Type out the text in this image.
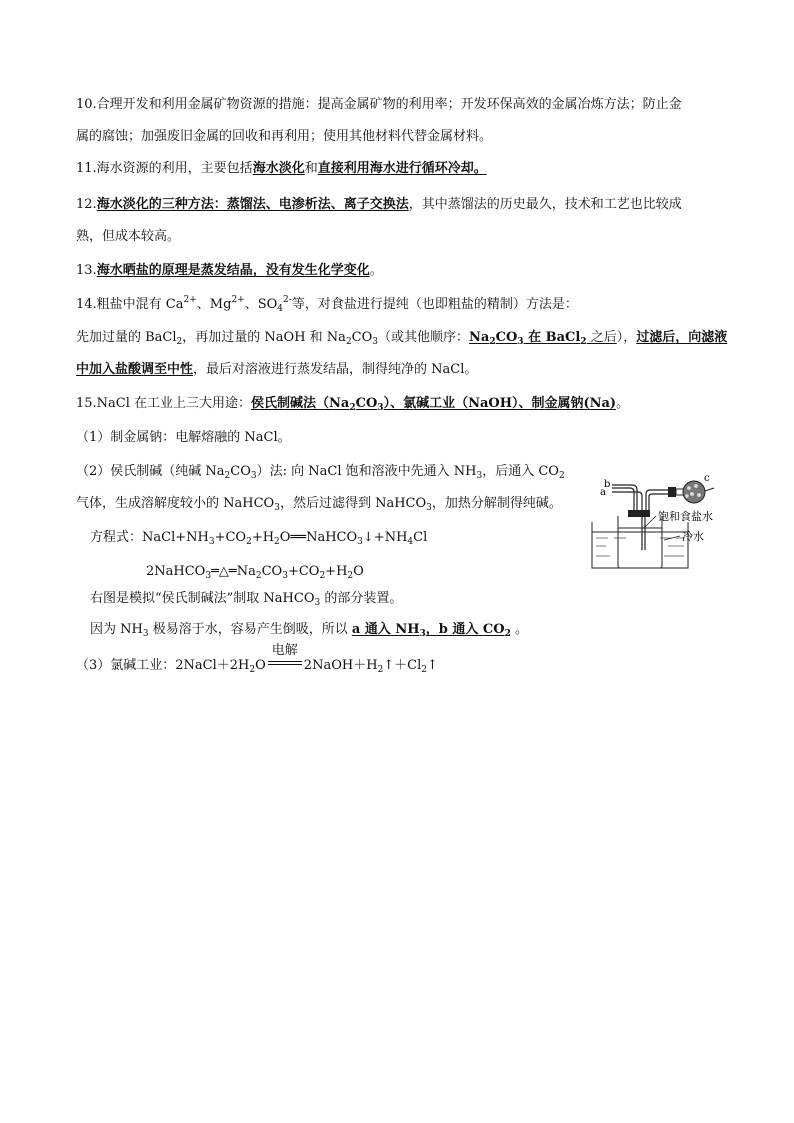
10.合理开发和利用金属矿物资源的措施：提高金属矿物的利用率；开发环保高效的金属冶炼方法；防止金
属的腐蚀；加强废旧金属的回收和再利用；使用其他材料代替金属材料。
11.海水资源的利用，主要包括海水淡化和直接利用海水进行循环冷却。
12.海水淡化的三种方法：蒸馏法、电渗析法、离子交换法，其中蒸馏法的历史最久，技术和工艺也比较成
熟，但成本较高。
13.海水晒盐的原理是蒸发结晶，没有发生化学变化。
14.粗盐中混有 $Ca^{2+}$、$Mg^{2+}$、$SO_4^{2-}$等，对食盐进行提纯（也即粗盐的精制）方法是：
先加过量的 BaCl$_2$，再加过量的 NaOH 和 $Na_2CO_3$（或其他顺序：$Na_2CO_3$ 在 BaCl$_2$ 之后），过滤后，向滤液
中加入盐酸调至中性，最后对溶液进行蒸发结晶，制得纯净的 NaCl。
15.NaCl 在工业上三大用途：侯氏制碱法$(Na_2CO_3)$、氯碱工业（NaOH）、制金属钠(Na)。
（1）制金属钠：电解熔融的 NaCl。
（2）侯氏制碱（纯碱 $Na_2CO_3$）法: 向 NaCl 饱和溶液中先通入 $NH_3$，后通入 $CO_2$
气体，生成溶解度较小的 NaHCO$_3$，然后过滤得到 NaHCO$_3$，加热分解制得纯碱。
方程式：$NaCl+NH_3+CO_2+H_2O══NaHCO_3↓+NH_4Cl$
$2NaHCO_3═\triangle═Na_2CO_3+CO_2+H_2O$
右图是模拟“侯氏制碱法”制取 NaHCO$_3$ 的部分装置。
因为 $NH_3$ 极易溶于水，容易产生倒吸，所以 a 通入 $NH_3$，b 通入 $CO_2$ 。
（3）氯碱工业：$2NaCl+2H_2O$
电解
$2NaOH+H_2↑+Cl_2↑$
b
a
c
饱和食盐水
冷水
